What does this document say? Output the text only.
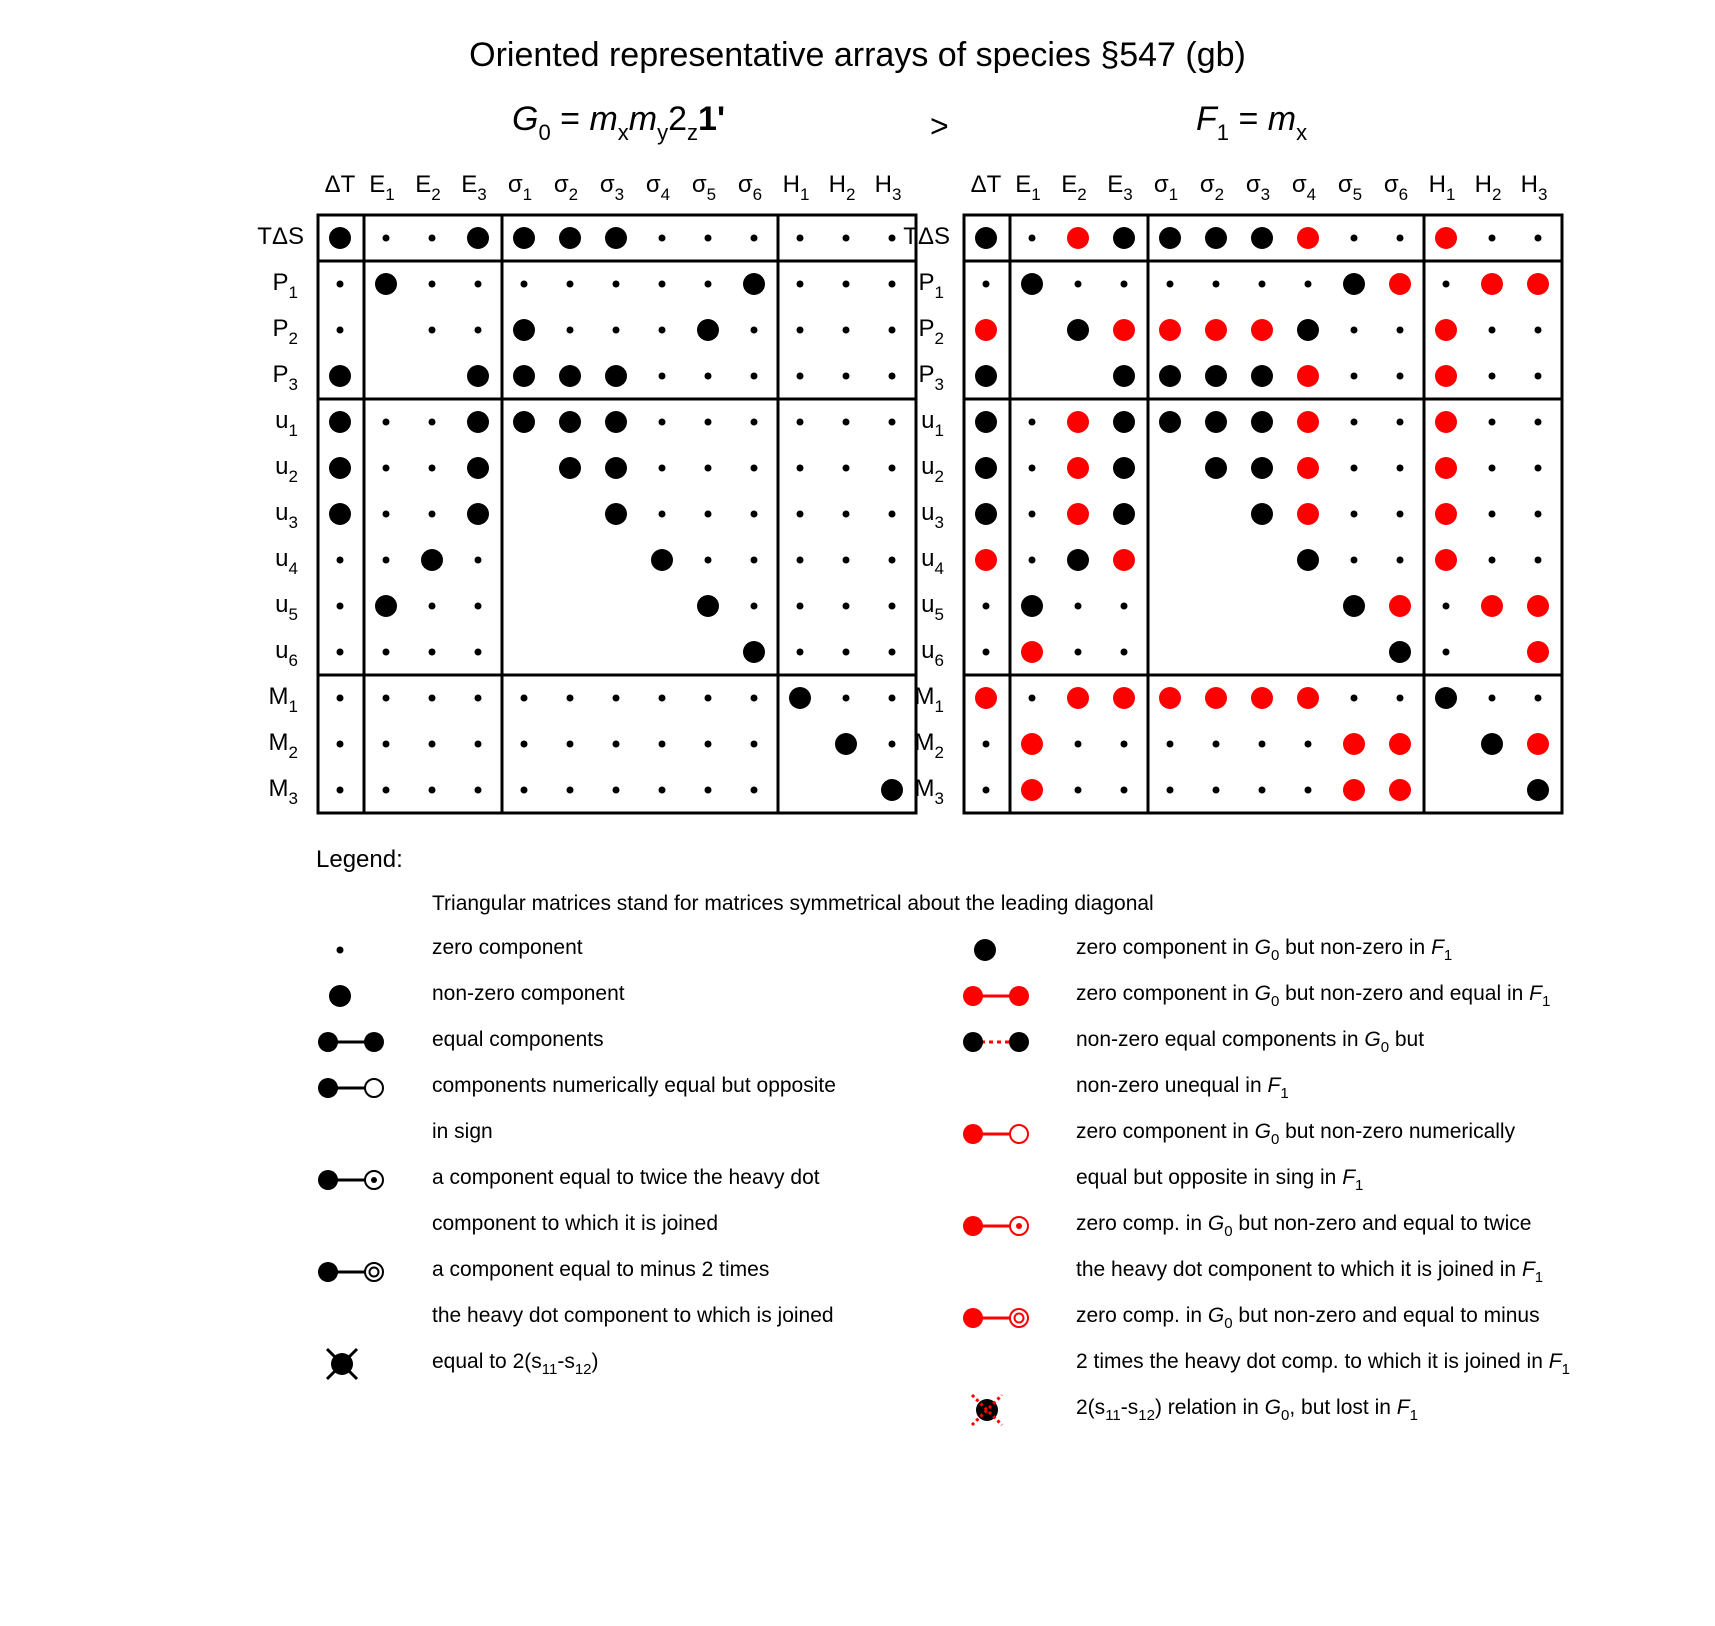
Oriented representative arrays of species §547 (gb)
$G_0 = m_xm_y2_z1'$	>	$F_1 = m_x$
ΔT $E_1$ $E_2$ $E_3$ $\sigma_1$ $\sigma_2$ $\sigma_3$ $\sigma_4$ $\sigma_5$ $\sigma_6$ $H_1$ $H_2$ $H_3$
TΔS
$P_1$
$P_2$
$P_3$
$u_1$
$u_2$
$u_3$
$u_4$
$u_5$
$u_6$
$M_1$
$M_2$
$M_3$
ΔT $E_1$ $E_2$ $E_3$ $\sigma_1$ $\sigma_2$ $\sigma_3$ $\sigma_4$ $\sigma_5$ $\sigma_6$ $H_1$ $H_2$ $H_3$
TΔS
$P_1$
$P_2$
$P_3$
$u_1$
$u_2$
$u_3$
$u_4$
$u_5$
$u_6$
$M_1$
$M_2$
$M_3$
Legend:
Triangular matrices stand for matrices symmetrical about the leading diagonal
zero component
non-zero component
equal components
components numerically equal but opposite
in sign
a component equal to twice the heavy dot
component to which it is joined
a component equal to minus 2 times
the heavy dot component to which is joined
equal to $2(s_{11}-s_{12})$
zero component in $G_0$ but non-zero in $F_1$
zero component in $G_0$ but non-zero and equal in $F_1$
non-zero equal components in $G_0$ but
non-zero unequal in $F_1$
zero component in $G_0$ but non-zero numerically
equal but opposite in sing in $F_1$
zero comp. in $G_0$ but non-zero and equal to twice
the heavy dot component to which it is joined in $F_1$
zero comp. in $G_0$ but non-zero and equal to minus
2 times the heavy dot comp. to which it is joined in $F_1$
$2(s_{11}-s_{12})$ relation in $G_0$, but lost in $F_1$
